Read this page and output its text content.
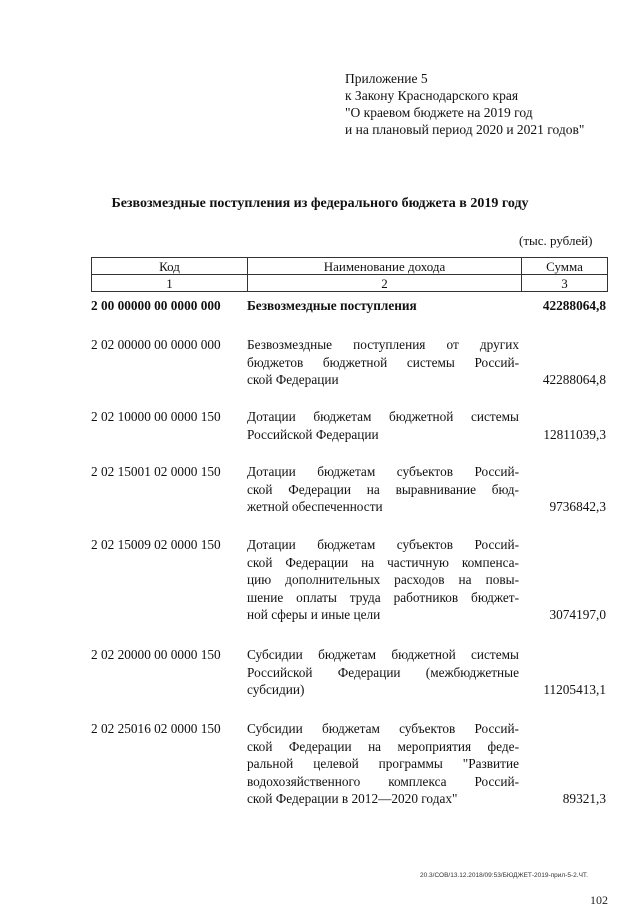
Приложение 5
к Закону Краснодарского края
"О краевом бюджете на 2019 год
и на плановый период 2020 и 2021 годов"
Безвозмездные поступления из федерального бюджета в 2019 году
(тыс. рублей)
Код	Наименование дохода	Сумма
1	2	3
2 00 00000 00 0000 000 Безвозмездные поступления	42288064,8
2 02 00000 00 0000 000 Безвозмездные поступления от других
бюджетов бюджетной системы Россий-
ской Федерации	42288064,8
2 02 10000 00 0000 150 Дотации бюджетам бюджетной системы
Российской Федерации	12811039,3
2 02 15001 02 0000 150 Дотации бюджетам субъектов Россий-
ской Федерации на выравнивание бюд-
жетной обеспеченности	9736842,3
2 02 15009 02 0000 150 Дотации бюджетам субъектов Россий-
ской Федерации на частичную компенса-
цию дополнительных расходов на повы-
шение оплаты труда работников бюджет-
ной сферы и иные цели	3074197,0
2 02 20000 00 0000 150 Субсидии бюджетам бюджетной системы
Российской Федерации (межбюджетные
субсидии)	11205413,1
2 02 25016 02 0000 150 Субсидии бюджетам субъектов Россий-
ской Федерации на мероприятия феде-
ральной целевой программы "Развитие
водохозяйственного комплекса Россий-
ской Федерации в 2012—2020 годах"	89321,3
20.3/СОВ/13.12.2018/09:53/БЮДЖЕТ-2019-прил-5-2.ЧТ.
102
